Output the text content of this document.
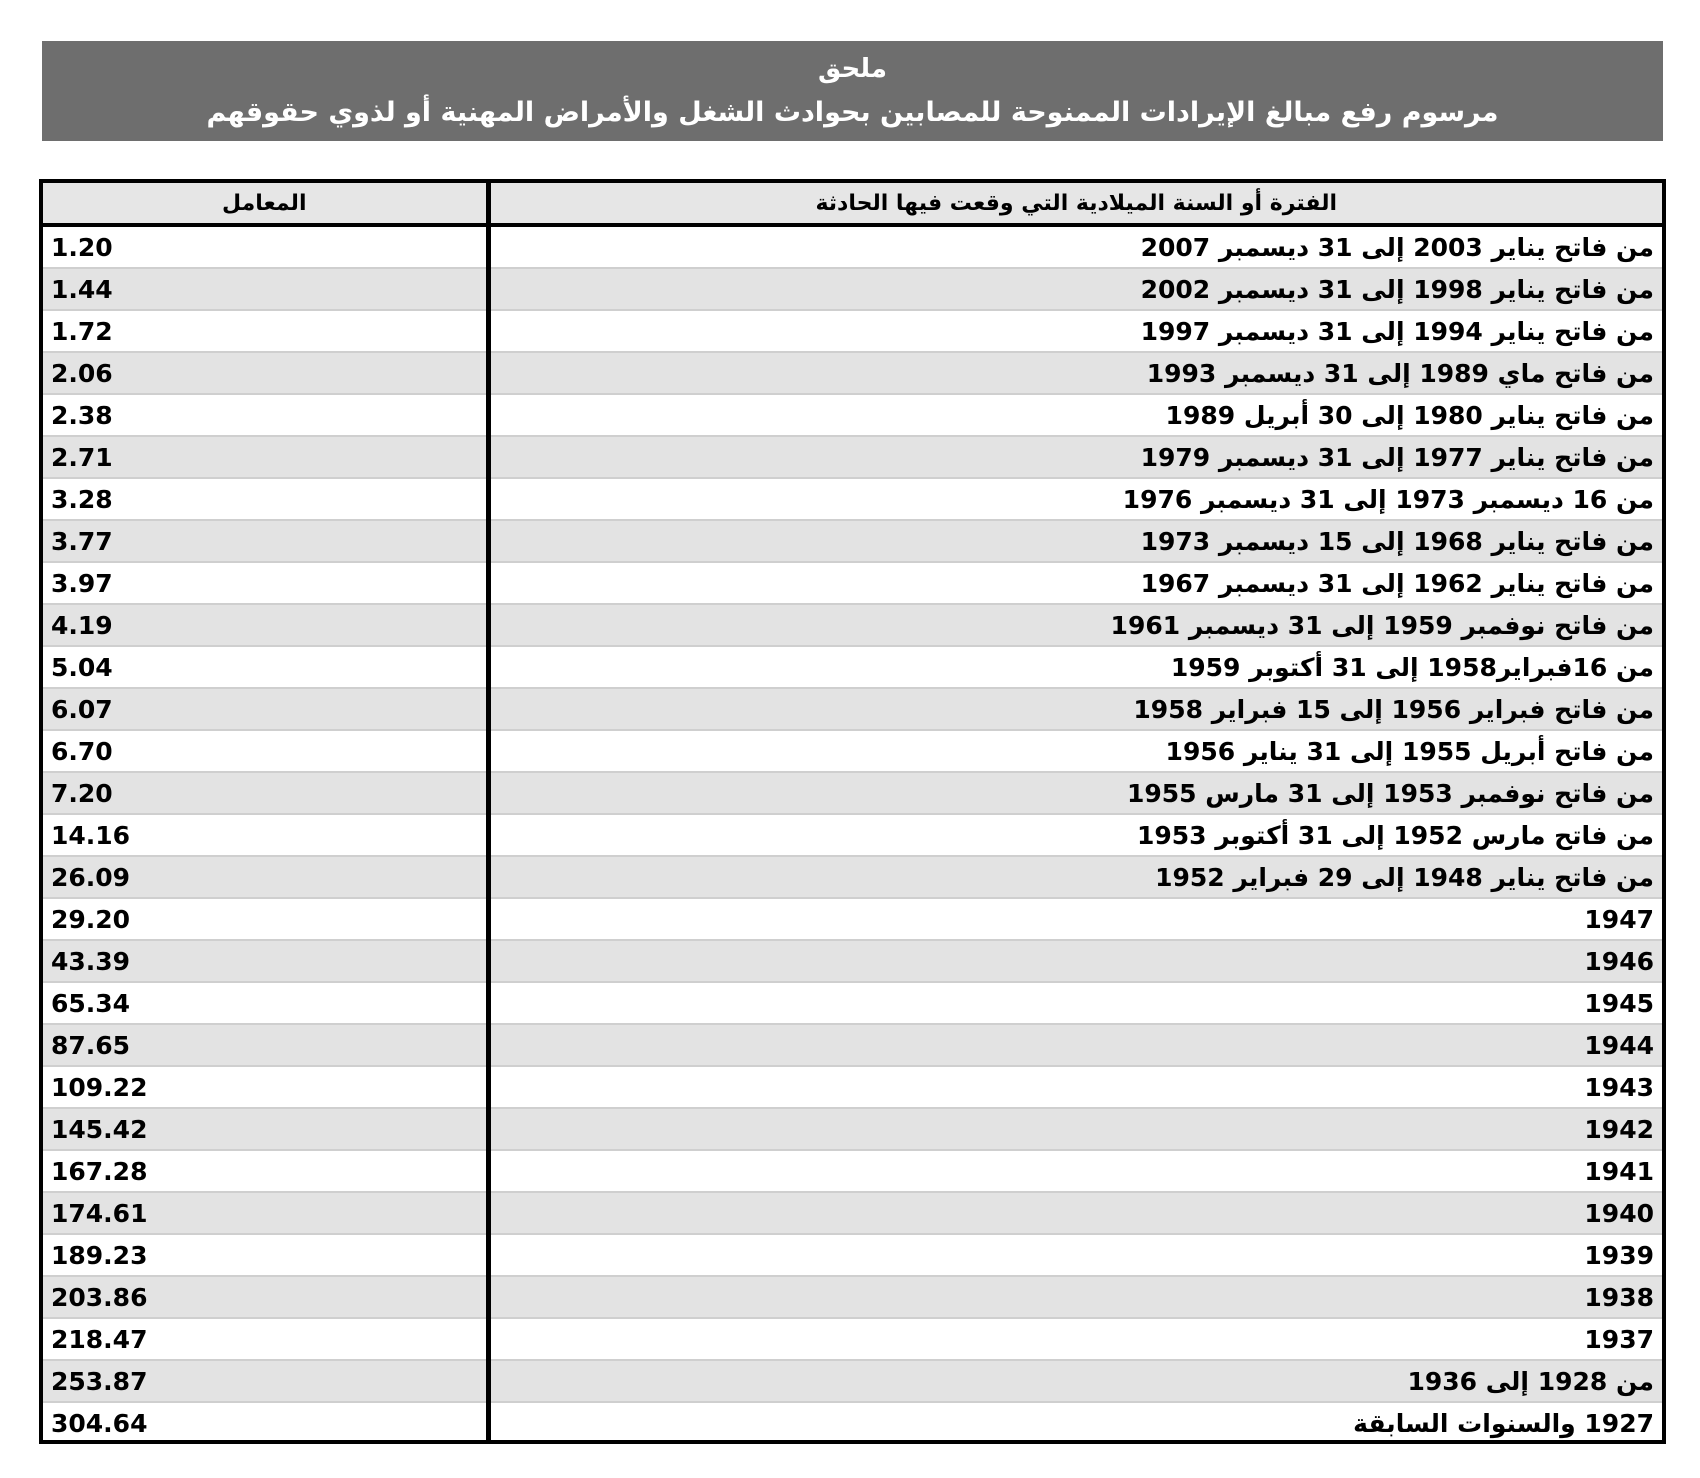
ملحق
مرسوم رفع مبالغ الإيرادات الممنوحة للمصابين بحوادث الشغل والأمراض المهنية أو لذوي حقوقهم
الفترة أو السنة الميلادية التي وقعت فيها الحادثة	المعامل
من فاتح يناير 2003 إلى 31 ديسمبر 2007	1.20
من فاتح يناير 1998 إلى 31 ديسمبر 2002	1.44
من فاتح يناير 1994 إلى 31 ديسمبر 1997	1.72
من فاتح ماي 1989 إلى 31 ديسمبر 1993	2.06
من فاتح يناير 1980 إلى 30 أبريل 1989	2.38
من فاتح يناير 1977 إلى 31 ديسمبر 1979	2.71
من 16 ديسمبر 1973 إلى 31 ديسمبر 1976	3.28
من فاتح يناير 1968 إلى 15 ديسمبر 1973	3.77
من فاتح يناير 1962 إلى 31 ديسمبر 1967	3.97
من فاتح نوفمبر 1959 إلى 31 ديسمبر 1961	4.19
من 16فبراير1958 إلى 31 أكتوبر 1959	5.04
من فاتح فبراير 1956 إلى 15 فبراير 1958	6.07
من فاتح أبريل 1955 إلى 31 يناير 1956	6.70
من فاتح نوفمبر 1953 إلى 31 مارس 1955	7.20
من فاتح مارس 1952 إلى 31 أكتوبر 1953	14.16
من فاتح يناير 1948 إلى 29 فبراير 1952	26.09
1947	29.20
1946	43.39
1945	65.34
1944	87.65
1943	109.22
1942	145.42
1941	167.28
1940	174.61
1939	189.23
1938	203.86
1937	218.47
من 1928 إلى 1936	253.87
1927 والسنوات السابقة	304.64
